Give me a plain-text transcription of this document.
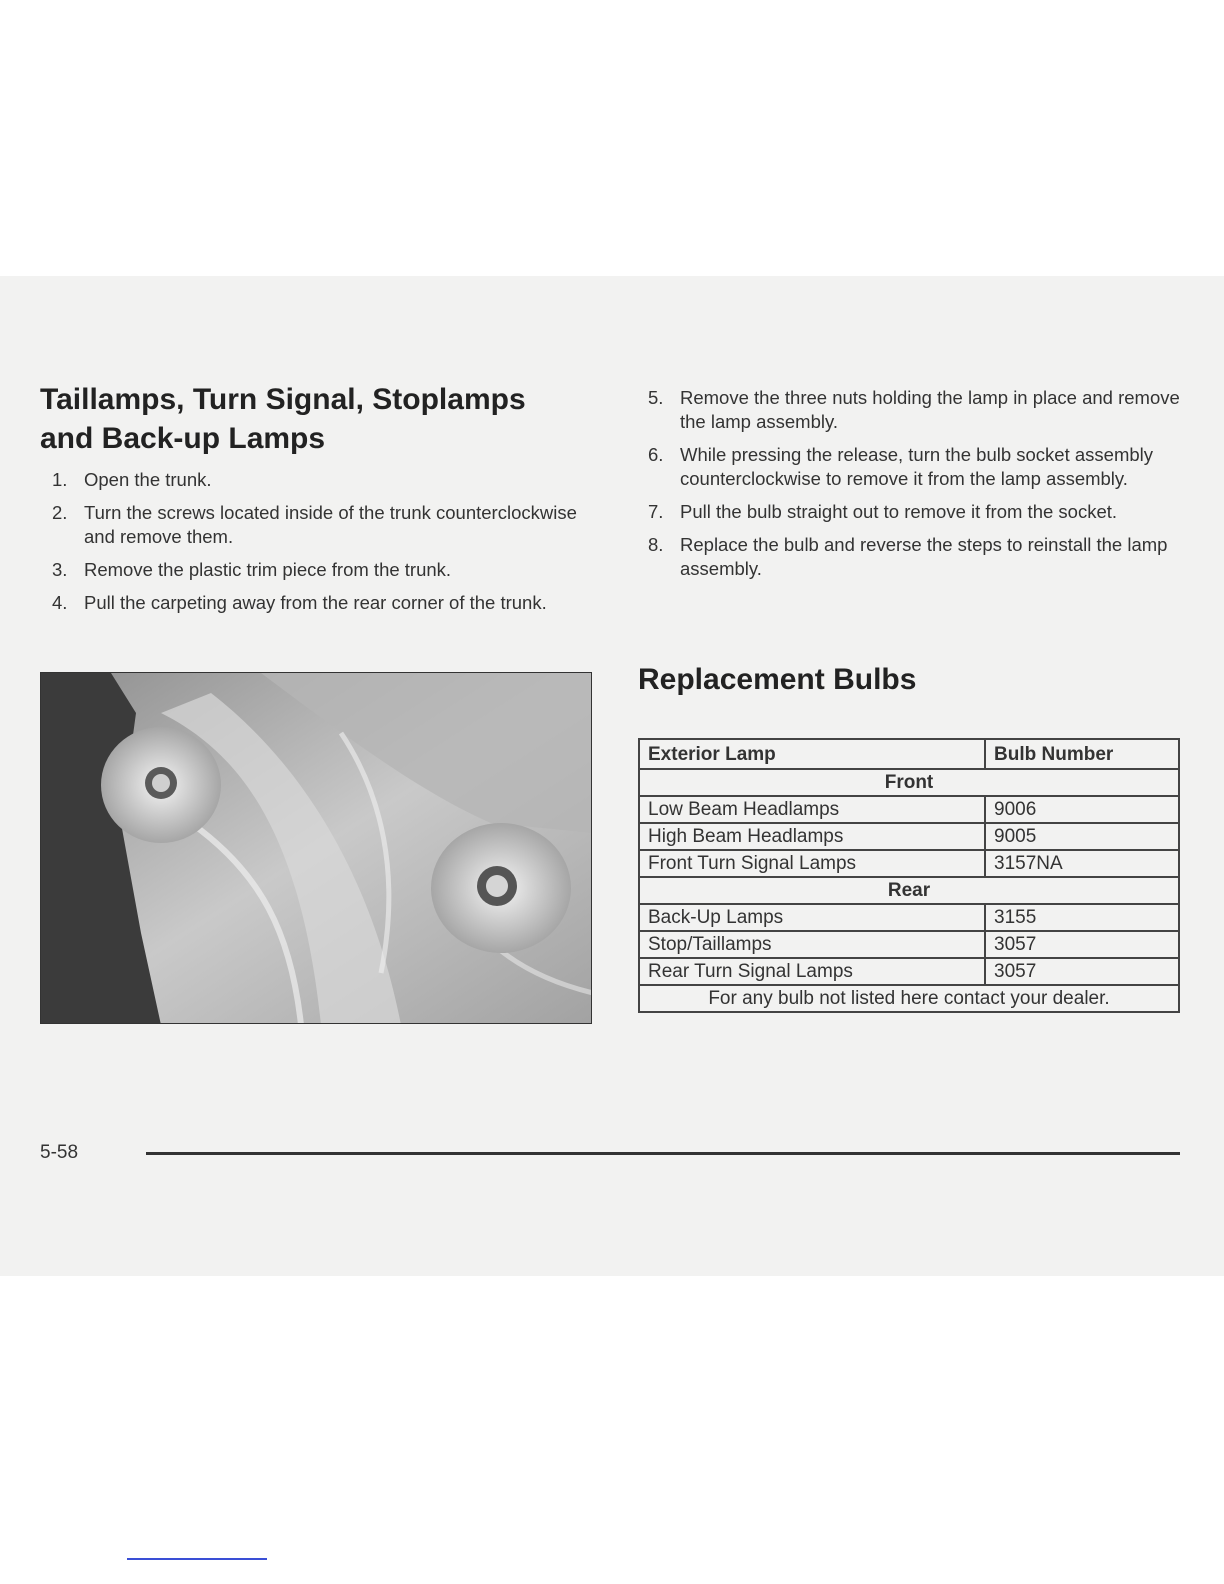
Taillamps, Turn Signal, Stoplamps
and Back-up Lamps
1. Open the trunk.
2. Turn the screws located inside of the trunk counterclockwise and remove them.
3. Remove the plastic trim piece from the trunk.
4. Pull the carpeting away from the rear corner of the trunk.
5. Remove the three nuts holding the lamp in place and remove the lamp assembly.
6. While pressing the release, turn the bulb socket assembly counterclockwise to remove it from the lamp assembly.
7. Pull the bulb straight out to remove it from the socket.
8. Replace the bulb and reverse the steps to reinstall the lamp assembly.
Replacement Bulbs
Exterior Lamp	Bulb Number
Front	
Low Beam Headlamps	9006
High Beam Headlamps	9005
Front Turn Signal Lamps	3157NA
Rear	
Back-Up Lamps	3155
Stop/Taillamps	3057
Rear Turn Signal Lamps	3057
For any bulb not listed here contact your dealer.	
5-58
